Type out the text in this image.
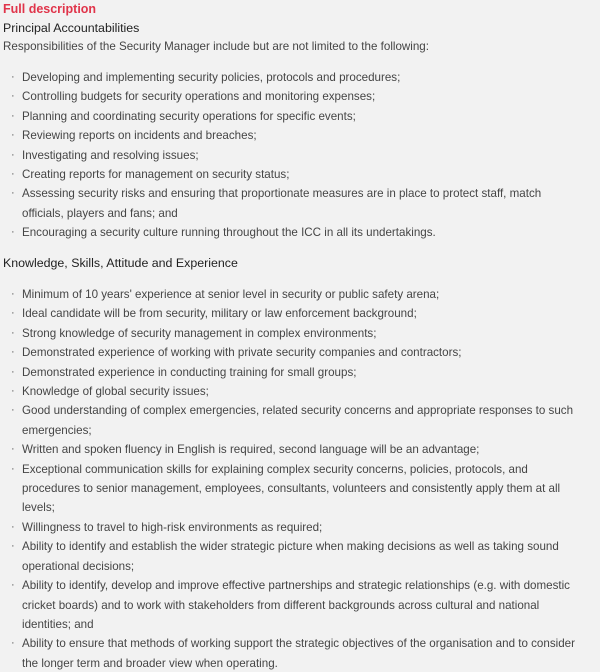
Full description
Principal Accountabilities
Responsibilities of the Security Manager include but are not limited to the following:
· Developing and implementing security policies, protocols and procedures;
· Controlling budgets for security operations and monitoring expenses;
· Planning and coordinating security operations for specific events;
· Reviewing reports on incidents and breaches;
· Investigating and resolving issues;
· Creating reports for management on security status;
· Assessing security risks and ensuring that proportionate measures are in place to protect staff, match officials, players and fans; and
· Encouraging a security culture running throughout the ICC in all its undertakings.
Knowledge, Skills, Attitude and Experience
· Minimum of 10 years' experience at senior level in security or public safety arena;
· Ideal candidate will be from security, military or law enforcement background;
· Strong knowledge of security management in complex environments;
· Demonstrated experience of working with private security companies and contractors;
· Demonstrated experience in conducting training for small groups;
· Knowledge of global security issues;
· Good understanding of complex emergencies, related security concerns and appropriate responses to such emergencies;
· Written and spoken fluency in English is required, second language will be an advantage;
· Exceptional communication skills for explaining complex security concerns, policies, protocols, and procedures to senior management, employees, consultants, volunteers and consistently apply them at all levels;
· Willingness to travel to high-risk environments as required;
· Ability to identify and establish the wider strategic picture when making decisions as well as taking sound operational decisions;
· Ability to identify, develop and improve effective partnerships and strategic relationships (e.g. with domestic cricket boards) and to work with stakeholders from different backgrounds across cultural and national identities; and
· Ability to ensure that methods of working support the strategic objectives of the organisation and to consider the longer term and broader view when operating.
